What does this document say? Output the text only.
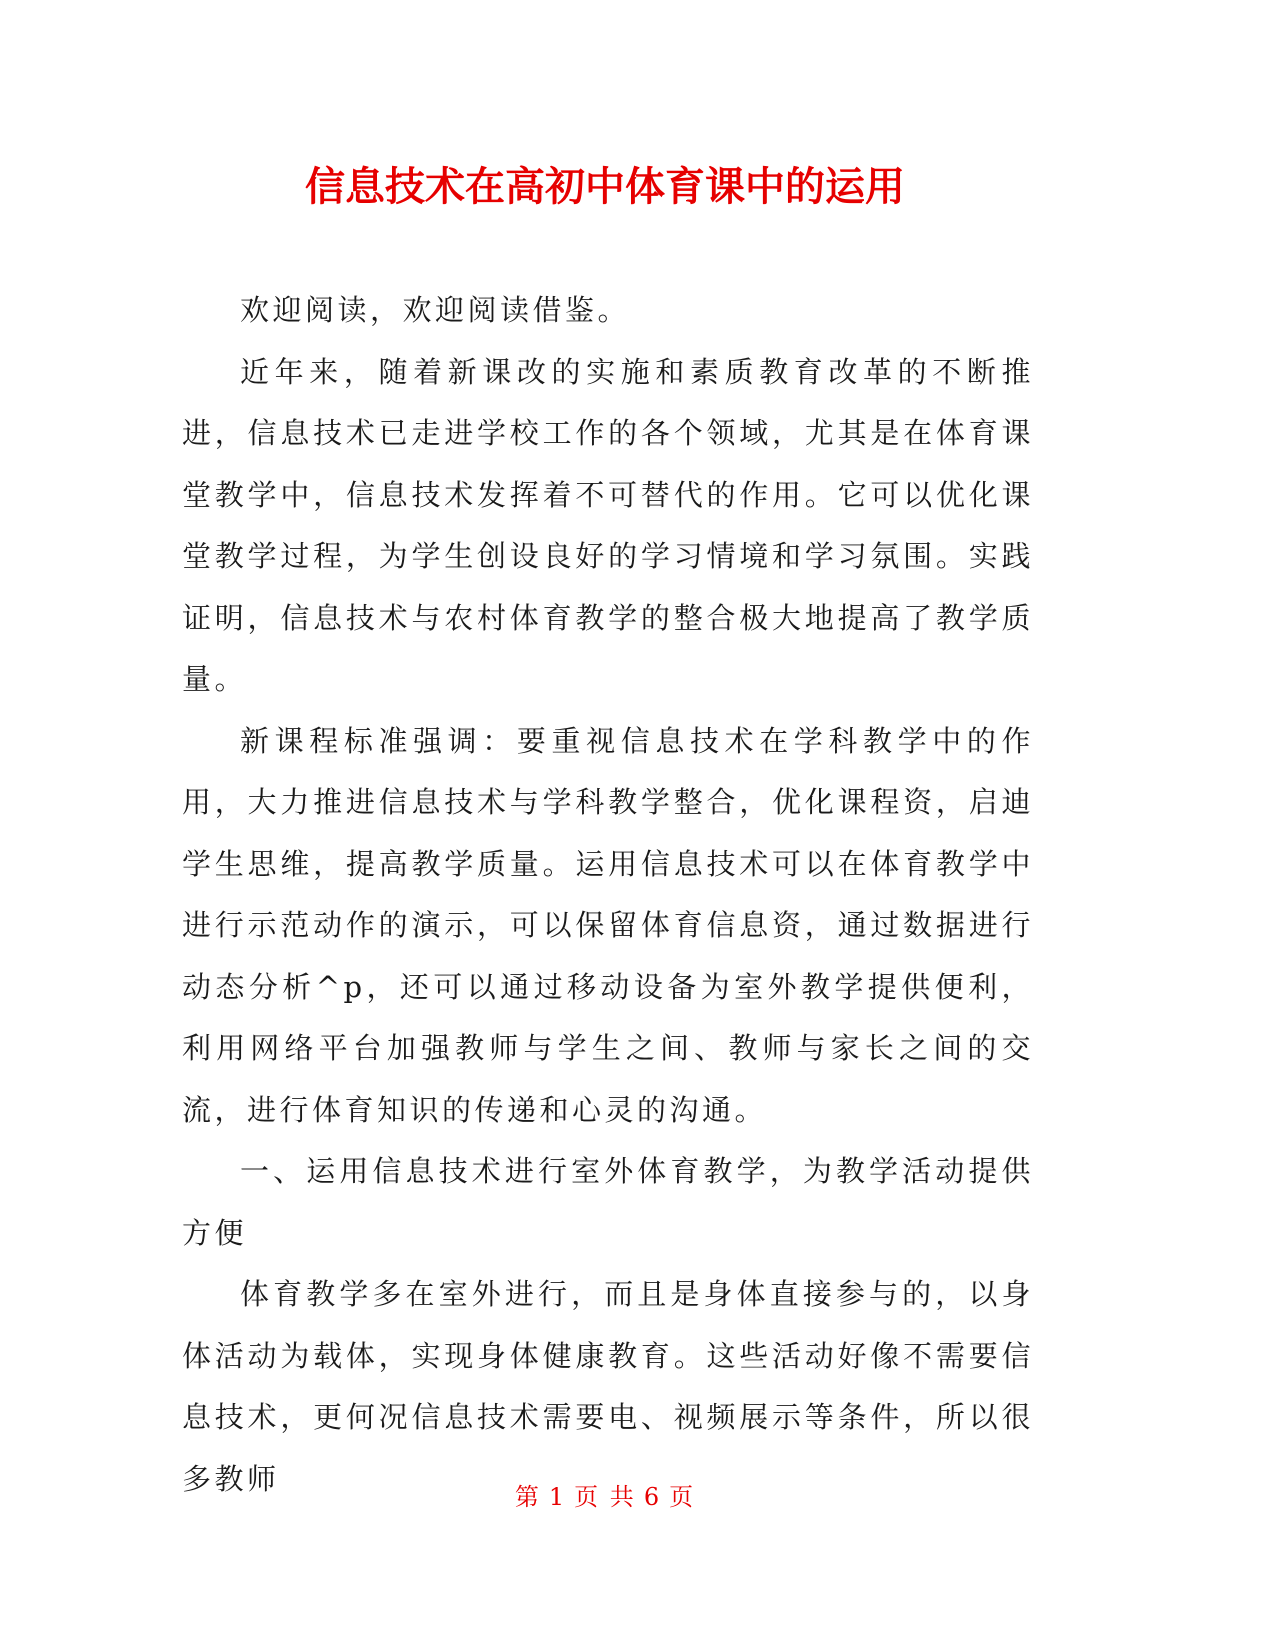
信息技术在高初中体育课中的运用

欢迎阅读，欢迎阅读借鉴。

近年来，随着新课改的实施和素质教育改革的不断推进，信息技术已走进学校工作的各个领域，尤其是在体育课堂教学中，信息技术发挥着不可替代的作用。它可以优化课堂教学过程，为学生创设良好的学习情境和学习氛围。实践证明，信息技术与农村体育教学的整合极大地提高了教学质量。

新课程标准强调：要重视信息技术在学科教学中的作用，大力推进信息技术与学科教学整合，优化课程资，启迪学生思维，提高教学质量。运用信息技术可以在体育教学中进行示范动作的演示，可以保留体育信息资，通过数据进行动态分析^p，还可以通过移动设备为室外教学提供便利，利用网络平台加强教师与学生之间、教师与家长之间的交流，进行体育知识的传递和心灵的沟通。

一、运用信息技术进行室外体育教学，为教学活动提供方便

体育教学多在室外进行，而且是身体直接参与的，以身体活动为载体，实现身体健康教育。这些活动好像不需要信息技术，更何况信息技术需要电、视频展示等条件，所以很多教师

第 1 页 共 6 页
